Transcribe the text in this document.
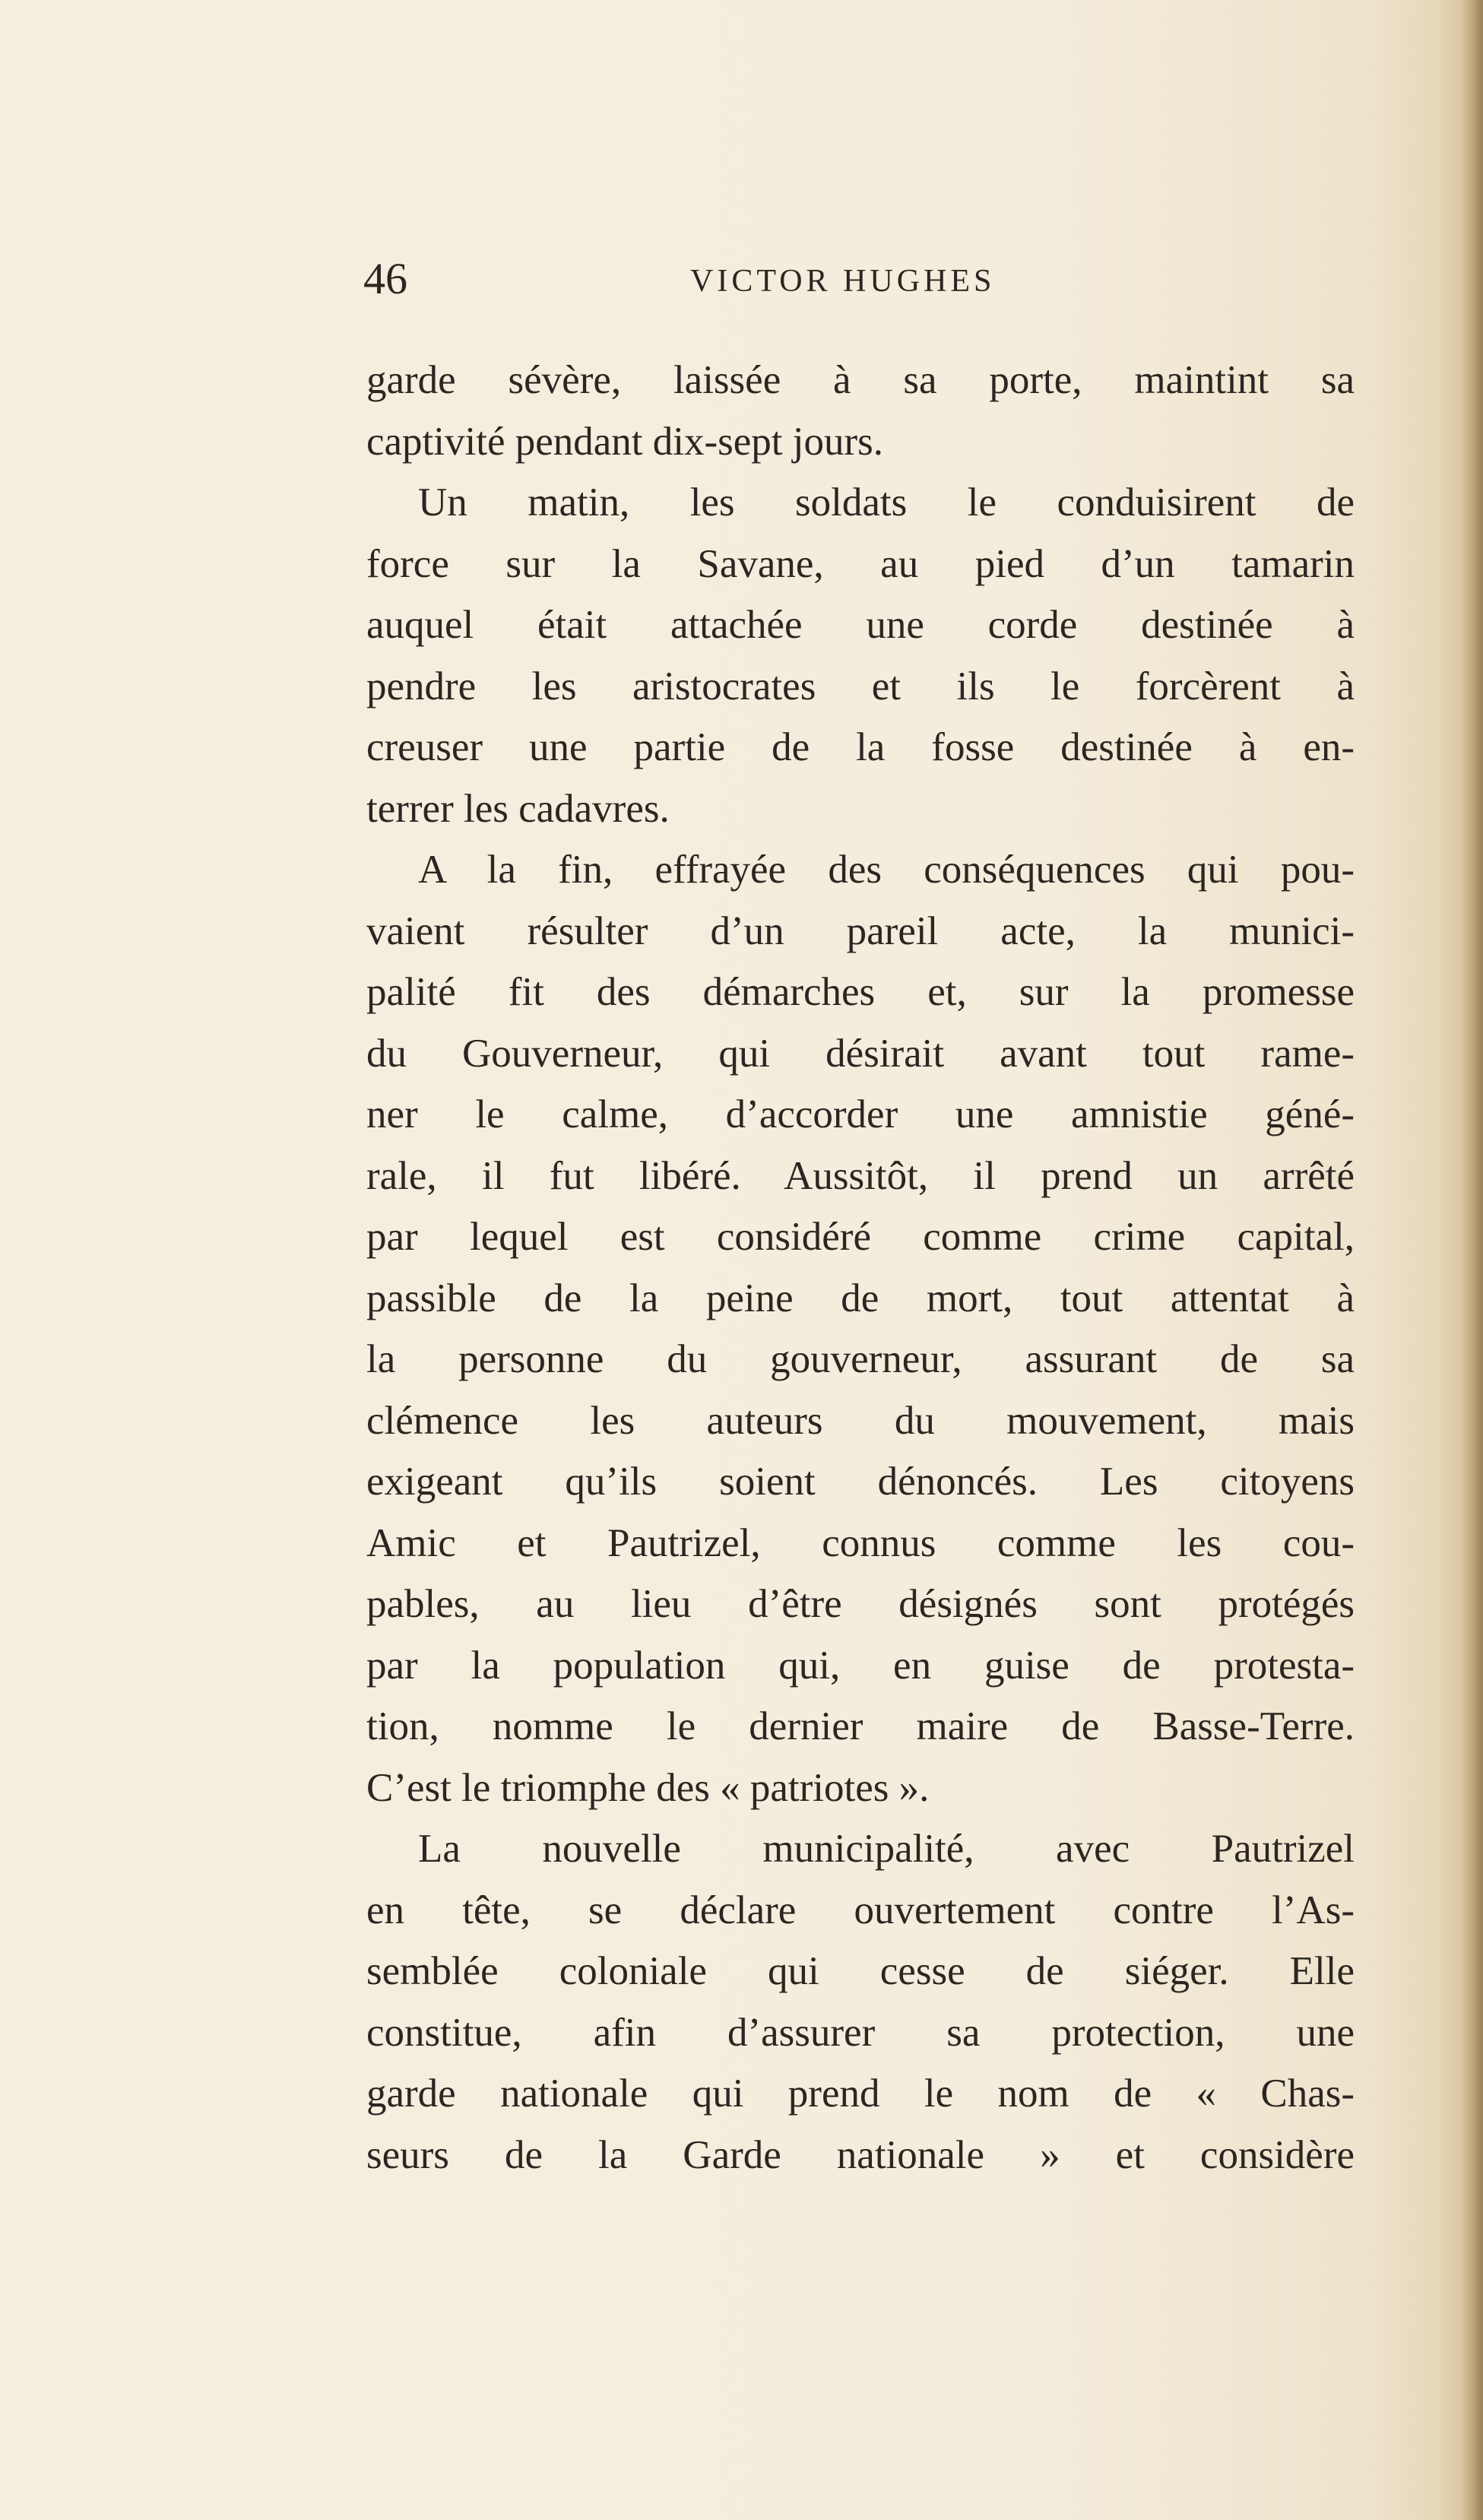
46	VICTOR HUGHES
garde sévère, laissée à sa porte, maintint sa
captivité pendant dix-sept jours.
Un matin, les soldats le conduisirent de
force sur la Savane, au pied d’un tamarin
auquel était attachée une corde destinée à
pendre les aristocrates et ils le forcèrent à
creuser une partie de la fosse destinée à en-
terrer les cadavres.
A la fin, effrayée des conséquences qui pou-
vaient résulter d’un pareil acte, la munici-
palité fit des démarches et, sur la promesse
du Gouverneur, qui désirait avant tout rame-
ner le calme, d’accorder une amnistie géné-
rale, il fut libéré. Aussitôt, il prend un arrêté
par lequel est considéré comme crime capital,
passible de la peine de mort, tout attentat à
la personne du gouverneur, assurant de sa
clémence les auteurs du mouvement, mais
exigeant qu’ils soient dénoncés. Les citoyens
Amic et Pautrizel, connus comme les cou-
pables, au lieu d’être désignés sont protégés
par la population qui, en guise de protesta-
tion, nomme le dernier maire de Basse-Terre.
C’est le triomphe des « patriotes ».
La nouvelle municipalité, avec Pautrizel
en tête, se déclare ouvertement contre l’As-
semblée coloniale qui cesse de siéger. Elle
constitue, afin d’assurer sa protection, une
garde nationale qui prend le nom de « Chas-
seurs de la Garde nationale » et considère
